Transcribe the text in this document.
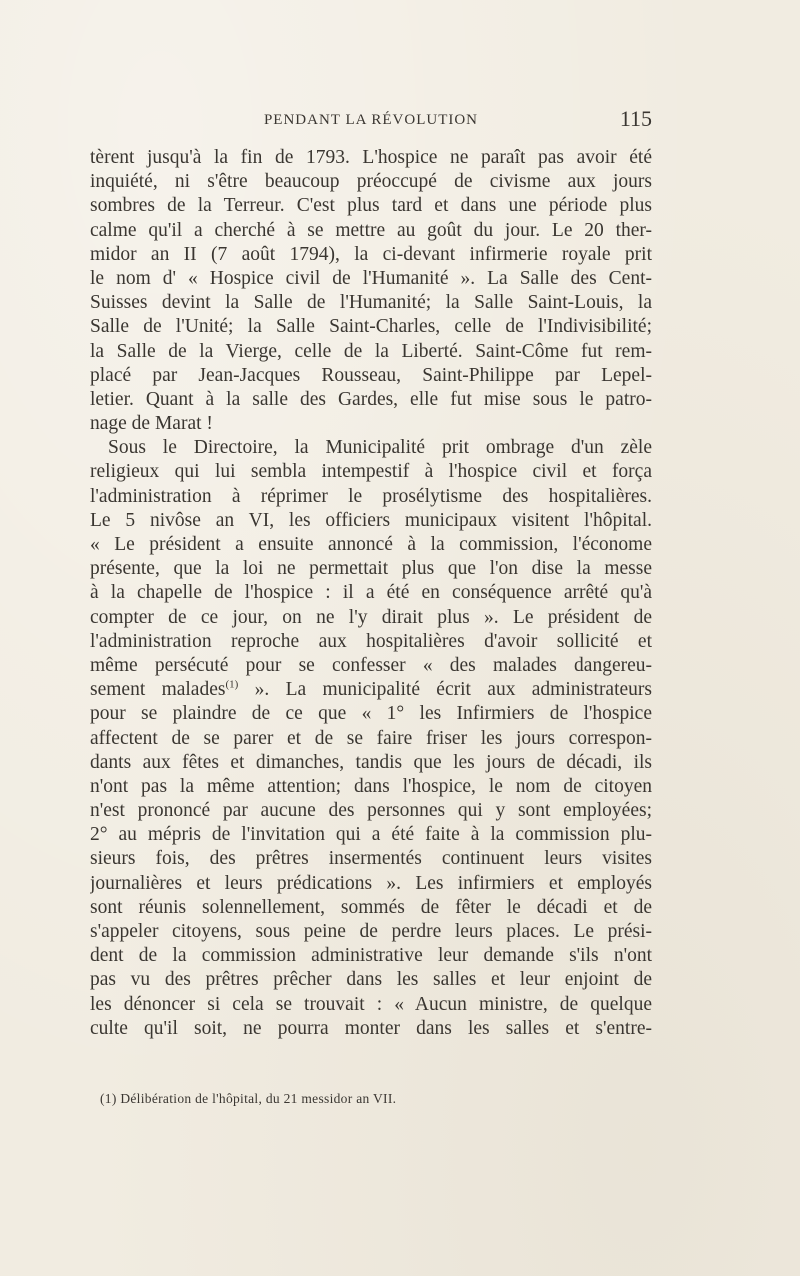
PENDANT LA RÉVOLUTION	115
tèrent jusqu'à la fin de 1793. L'hospice ne paraît pas avoir été
inquiété, ni s'être beaucoup préoccupé de civisme aux jours
sombres de la Terreur. C'est plus tard et dans une période plus
calme qu'il a cherché à se mettre au goût du jour. Le 20 ther-
midor an II (7 août 1794), la ci-devant infirmerie royale prit
le nom d' « Hospice civil de l'Humanité ». La Salle des Cent-
Suisses devint la Salle de l'Humanité; la Salle Saint-Louis, la
Salle de l'Unité; la Salle Saint-Charles, celle de l'Indivisibilité;
la Salle de la Vierge, celle de la Liberté. Saint-Côme fut rem-
placé par Jean-Jacques Rousseau, Saint-Philippe par Lepel-
letier. Quant à la salle des Gardes, elle fut mise sous le patro-
nage de Marat !
Sous le Directoire, la Municipalité prit ombrage d'un zèle
religieux qui lui sembla intempestif à l'hospice civil et força
l'administration à réprimer le prosélytisme des hospitalières.
Le 5 nivôse an VI, les officiers municipaux visitent l'hôpital.
« Le président a ensuite annoncé à la commission, l'économe
présente, que la loi ne permettait plus que l'on dise la messe
à la chapelle de l'hospice : il a été en conséquence arrêté qu'à
compter de ce jour, on ne l'y dirait plus ». Le président de
l'administration reproche aux hospitalières d'avoir sollicité et
même persécuté pour se confesser « des malades dangereu-
sement malades$^{(1)}$ ». La municipalité écrit aux administrateurs
pour se plaindre de ce que « 1° les Infirmiers de l'hospice
affectent de se parer et de se faire friser les jours correspon-
dants aux fêtes et dimanches, tandis que les jours de décadi, ils
n'ont pas la même attention; dans l'hospice, le nom de citoyen
n'est prononcé par aucune des personnes qui y sont employées;
2° au mépris de l'invitation qui a été faite à la commission plu-
sieurs fois, des prêtres insermentés continuent leurs visites
journalières et leurs prédications ». Les infirmiers et employés
sont réunis solennellement, sommés de fêter le décadi et de
s'appeler citoyens, sous peine de perdre leurs places. Le prési-
dent de la commission administrative leur demande s'ils n'ont
pas vu des prêtres prêcher dans les salles et leur enjoint de
les dénoncer si cela se trouvait : « Aucun ministre, de quelque
culte qu'il soit, ne pourra monter dans les salles et s'entre-
(1) Délibération de l'hôpital, du 21 messidor an VII.
